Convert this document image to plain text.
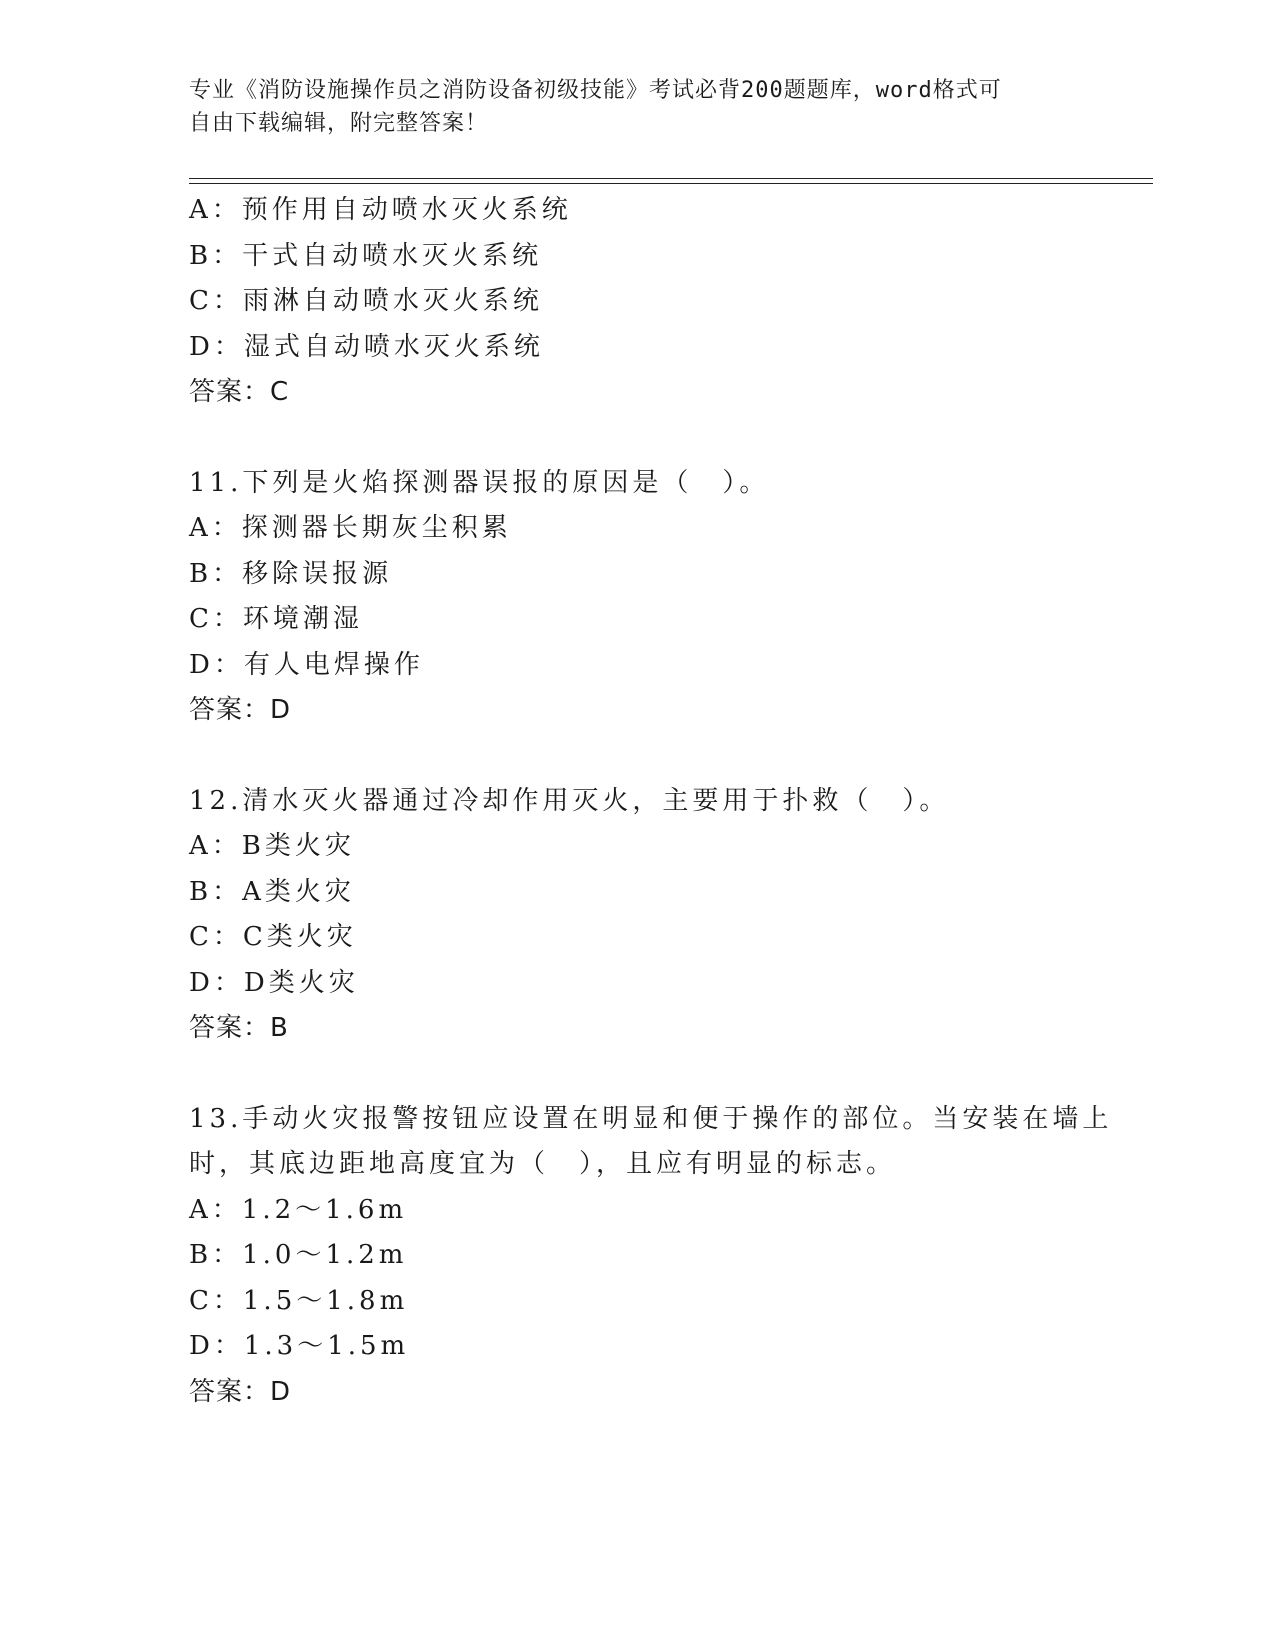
专业《消防设施操作员之消防设备初级技能》考试必背200题题库，word格式可
自由下载编辑，附完整答案！
A：预作用自动喷水灭火系统
B：干式自动喷水灭火系统
C：雨淋自动喷水灭火系统
D：湿式自动喷水灭火系统
答案：C
11.下列是火焰探测器误报的原因是（　）。
A：探测器长期灰尘积累
B：移除误报源
C：环境潮湿
D：有人电焊操作
答案：D
12.清水灭火器通过冷却作用灭火，主要用于扑救（　）。
A：B类火灾
B：A类火灾
C：C类火灾
D：D类火灾
答案：B
13.手动火灾报警按钮应设置在明显和便于操作的部位。当安装在墙上
时，其底边距地高度宜为（　），且应有明显的标志。
A：1.2～1.6m
B：1.0～1.2m
C：1.5～1.8m
D：1.3～1.5m
答案：D
